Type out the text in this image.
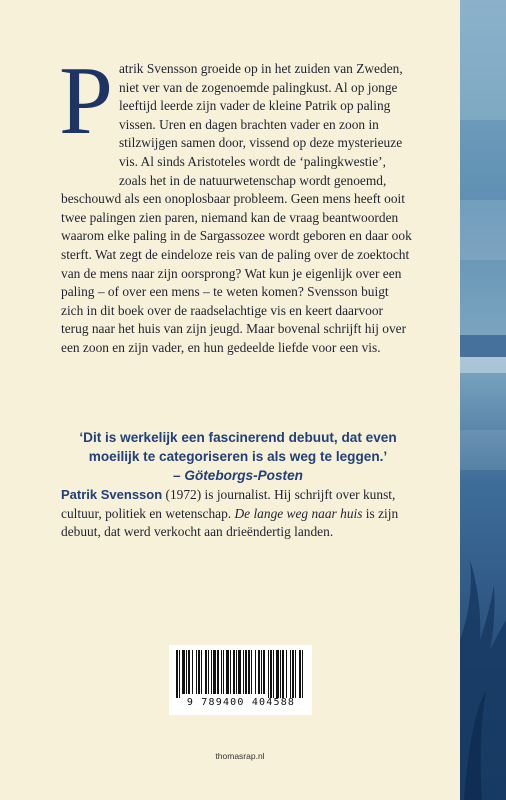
Patrik Svensson groeide op in het zuiden van Zweden, niet ver van de zogenoemde palingkust. Al op jonge leeftijd leerde zijn vader de kleine Patrik op paling vissen. Uren en dagen brachten vader en zoon in stilzwijgen samen door, vissend op deze mysterieuze vis. Al sinds Aristoteles wordt de ‘palingkwestie’, zoals het in de natuurwetenschap wordt genoemd, beschouwd als een onoplosbaar probleem. Geen mens heeft ooit twee palingen zien paren, niemand kan de vraag beantwoorden waarom elke paling in de Sargassozee wordt geboren en daar ook sterft. Wat zegt de eindeloze reis van de paling over de zoektocht van de mens naar zijn oorsprong? Wat kun je eigenlijk over een paling – of over een mens – te weten komen? Svensson buigt zich in dit boek over de raadselachtige vis en keert daarvoor terug naar het huis van zijn jeugd. Maar bovenal schrijft hij over een zoon en zijn vader, en hun gedeelde liefde voor een vis.

‘Dit is werkelijk een fascinerend debuut, dat even moeilijk te categoriseren is als weg te leggen.’
– Göteborgs-Posten

Patrik Svensson (1972) is journalist. Hij schrijft over kunst, cultuur, politiek en wetenschap. De lange weg naar huis is zijn debuut, dat werd verkocht aan drieëndertig landen.

9 789400 404588
thomasrap.nl
